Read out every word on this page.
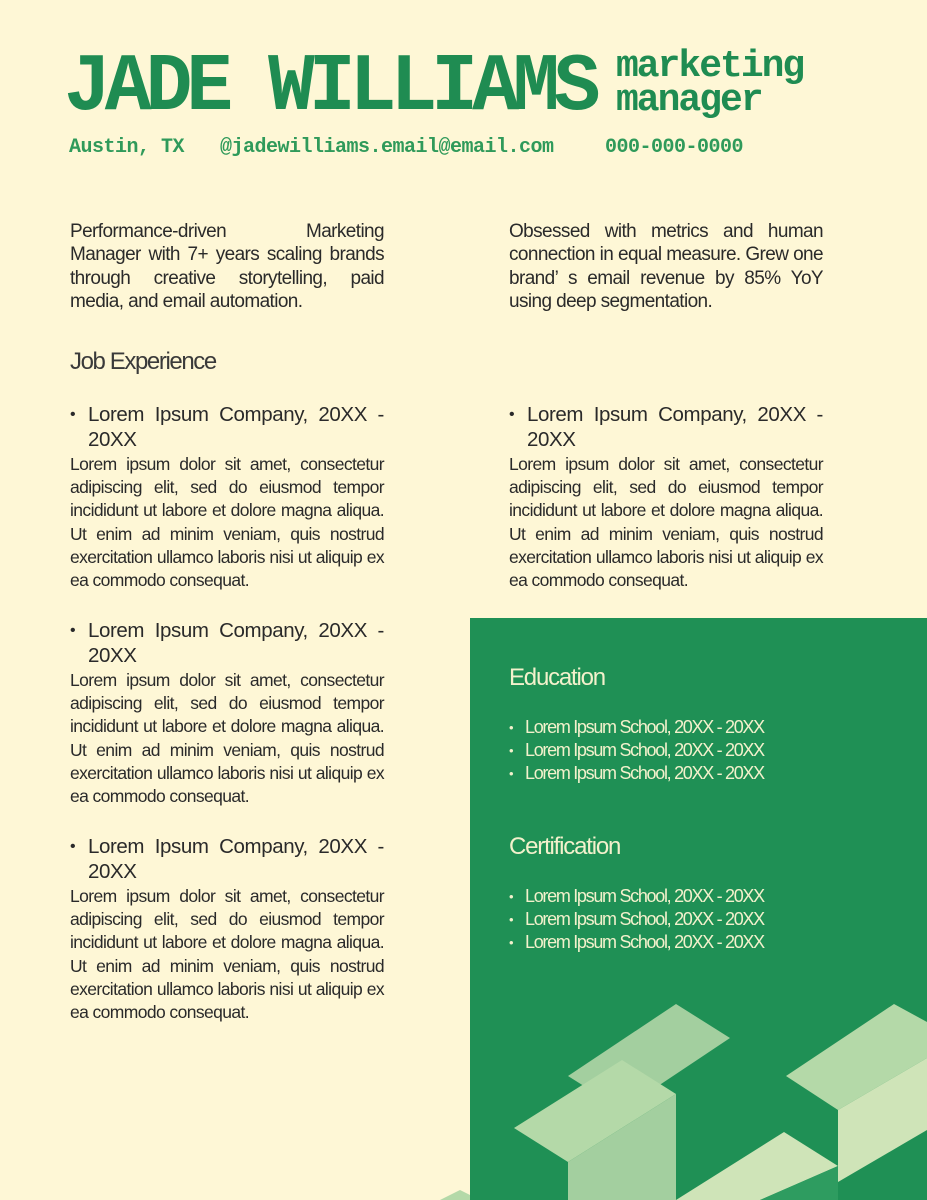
JADE WILLIAMS marketing
manager
Austin, TX @jadewilliams.email@email.com	000-000-0000

Performance-driven Marketing Manager with 7+ years scaling brands through creative storytelling, paid media, and email automation.

Obsessed with metrics and human connection in equal measure. Grew one brand’ s email revenue by 85% YoY using deep segmentation.

Job Experience
• Lorem Ipsum Company, 20XX - 20XX
Lorem ipsum dolor sit amet, consectetur adipiscing elit, sed do eiusmod tempor incididunt ut labore et dolore magna aliqua. Ut enim ad minim veniam, quis nostrud exercitation ullamco laboris nisi ut aliquip ex ea commodo consequat.
• Lorem Ipsum Company, 20XX - 20XX
Lorem ipsum dolor sit amet, consectetur adipiscing elit, sed do eiusmod tempor incididunt ut labore et dolore magna aliqua. Ut enim ad minim veniam, quis nostrud exercitation ullamco laboris nisi ut aliquip ex ea commodo consequat.
• Lorem Ipsum Company, 20XX - 20XX
Lorem ipsum dolor sit amet, consectetur adipiscing elit, sed do eiusmod tempor incididunt ut labore et dolore magna aliqua. Ut enim ad minim veniam, quis nostrud exercitation ullamco laboris nisi ut aliquip ex ea commodo consequat.
• Lorem Ipsum Company, 20XX - 20XX
Lorem ipsum dolor sit amet, consectetur adipiscing elit, sed do eiusmod tempor incididunt ut labore et dolore magna aliqua. Ut enim ad minim veniam, quis nostrud exercitation ullamco laboris nisi ut aliquip ex ea commodo consequat.
Education
• Lorem Ipsum School, 20XX - 20XX
• Lorem Ipsum School, 20XX - 20XX
• Lorem Ipsum School, 20XX - 20XX
Certification
• Lorem Ipsum School, 20XX - 20XX
• Lorem Ipsum School, 20XX - 20XX
• Lorem Ipsum School, 20XX - 20XX
